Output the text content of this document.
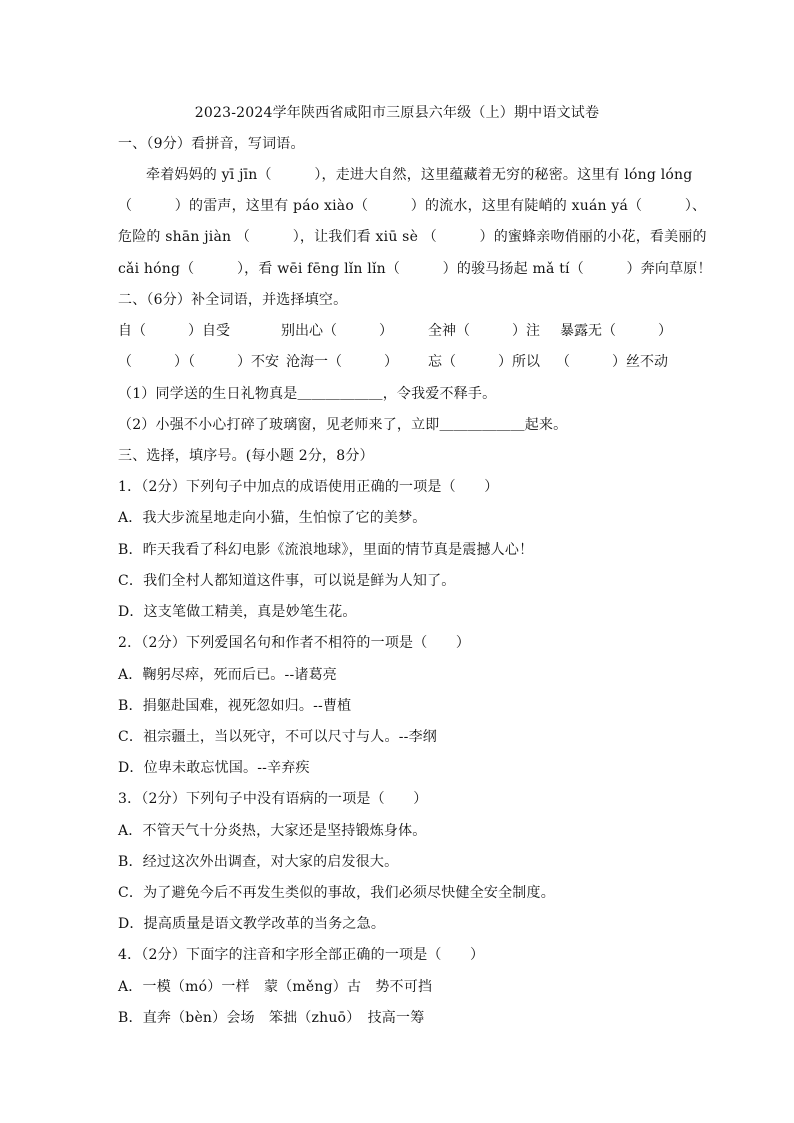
2023-2024学年陕西省咸阳市三原县六年级（上）期中语文试卷
一、（9分）看拼音，写词语。
牵着妈妈的 yī jīn（　　　），走进大自然，这里蕴藏着无穷的秘密。这里有 lóng lóng
（　　　）的雷声，这里有 páo xiào（　　　）的流水，这里有陡峭的 xuán yá（　　　）、
危险的 shān jiàn （　　　），让我们看 xiū sè （　　　）的蜜蜂亲吻俏丽的小花，看美丽的
cǎi hóng（　　　），看 wēi fēng lǐn lǐn（　　　）的骏马扬起 mǎ tí（　　　）奔向草原！
二、（6分）补全词语，并选择填空。
自（　　　）自受	别出心（　　　）	全神（　　　）注 暴露无（　　　）
（　　　）（　　　）不安 沧海一（　　　） 忘（　　　）所以 （　　　）丝不动
（1）同学送的生日礼物真是＿＿＿＿＿＿，令我爱不释手。
（2）小强不小心打碎了玻璃窗，见老师来了，立即＿＿＿＿＿＿起来。
三、选择，填序号。(每小题 2分，8分）
1．（2分）下列句子中加点的成语使用正确的一项是（　　）
A．我大步流星地走向小猫，生怕惊了它的美梦。
B．昨天我看了科幻电影《流浪地球》，里面的情节真是震撼人心！
C．我们全村人都知道这件事，可以说是鲜为人知了。
D．这支笔做工精美，真是妙笔生花。
2．（2分）下列爱国名句和作者不相符的一项是（　　）
A．鞠躬尽瘁，死而后已。--诸葛亮
B．捐躯赴国难，视死忽如归。--曹植
C．祖宗疆土，当以死守，不可以尺寸与人。--李纲
D．位卑未敢忘忧国。--辛弃疾
3．（2分）下列句子中没有语病的一项是（　　）
A．不管天气十分炎热，大家还是坚持锻炼身体。
B．经过这次外出调查，对大家的启发很大。
C．为了避免今后不再发生类似的事故，我们必须尽快健全安全制度。
D．提高质量是语文教学改革的当务之急。
4．（2分）下面字的注音和字形全部正确的一项是（　　）
A．一模（mó）一样　蒙（měng）古　势不可挡
B．直奔（bèn）会场　笨拙（zhuō）　技高一筹
